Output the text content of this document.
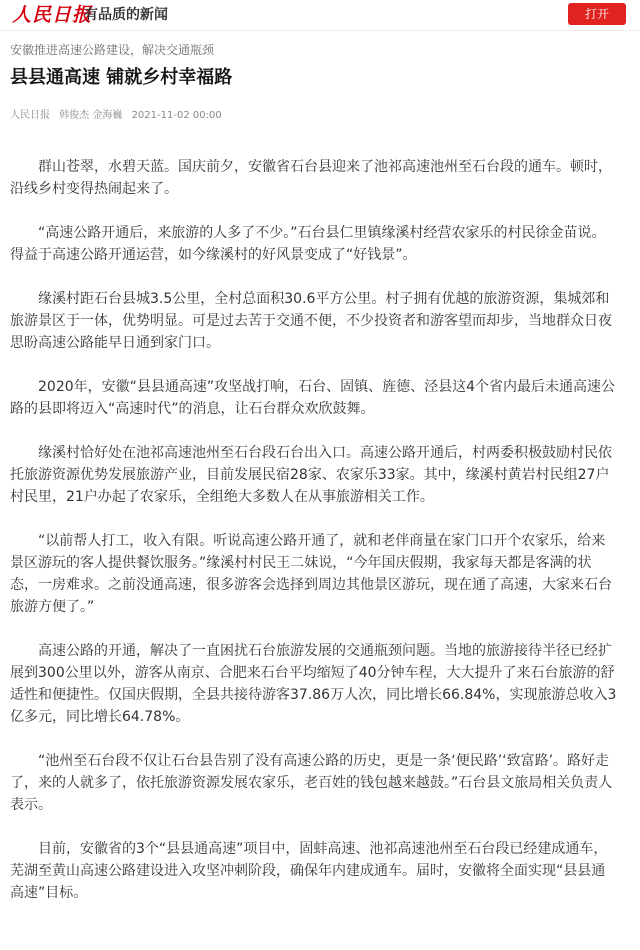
人民日报
有品质的新闻	打开
安徽推进高速公路建设，解决交通瓶颈
县县通高速 铺就乡村幸福路
人民日报 韩俊杰 金海巍 2021-11-02 00:00

群山苍翠，水碧天蓝。国庆前夕，安徽省石台县迎来了池祁高速池州至石台段的通车。顿时，沿线乡村变得热闹起来了。

“高速公路开通后，来旅游的人多了不少。”石台县仁里镇缘溪村经营农家乐的村民徐金苗说。得益于高速公路开通运营，如今缘溪村的好风景变成了“好钱景”。

缘溪村距石台县城3.5公里，全村总面积30.6平方公里。村子拥有优越的旅游资源，集城郊和旅游景区于一体，优势明显。可是过去苦于交通不便，不少投资者和游客望而却步，当地群众日夜思盼高速公路能早日通到家门口。

2020年，安徽“县县通高速”攻坚战打响，石台、固镇、旌德、泾县这4个省内最后未通高速公路的县即将迈入“高速时代”的消息，让石台群众欢欣鼓舞。

缘溪村恰好处在池祁高速池州至石台段石台出入口。高速公路开通后，村两委积极鼓励村民依托旅游资源优势发展旅游产业，目前发展民宿28家、农家乐33家。其中，缘溪村黄岩村民组27户村民里，21户办起了农家乐，全组绝大多数人在从事旅游相关工作。

“以前帮人打工，收入有限。听说高速公路开通了，就和老伴商量在家门口开个农家乐，给来景区游玩的客人提供餐饮服务。”缘溪村村民王二妹说，“今年国庆假期，我家每天都是客满的状态，一房难求。之前没通高速，很多游客会选择到周边其他景区游玩，现在通了高速，大家来石台旅游方便了。”

高速公路的开通，解决了一直困扰石台旅游发展的交通瓶颈问题。当地的旅游接待半径已经扩展到300公里以外，游客从南京、合肥来石台平均缩短了40分钟车程，大大提升了来石台旅游的舒适性和便捷性。仅国庆假期，全县共接待游客37.86万人次，同比增长66.84%，实现旅游总收入3亿多元，同比增长64.78%。

“池州至石台段不仅让石台县告别了没有高速公路的历史，更是一条‘便民路’‘致富路’。路好走了，来的人就多了，依托旅游资源发展农家乐，老百姓的钱包越来越鼓。”石台县文旅局相关负责人表示。

目前，安徽省的3个“县县通高速”项目中，固蚌高速、池祁高速池州至石台段已经建成通车，芜湖至黄山高速公路建设进入攻坚冲刺阶段，确保年内建成通车。届时，安徽将全面实现“县县通高速”目标。
